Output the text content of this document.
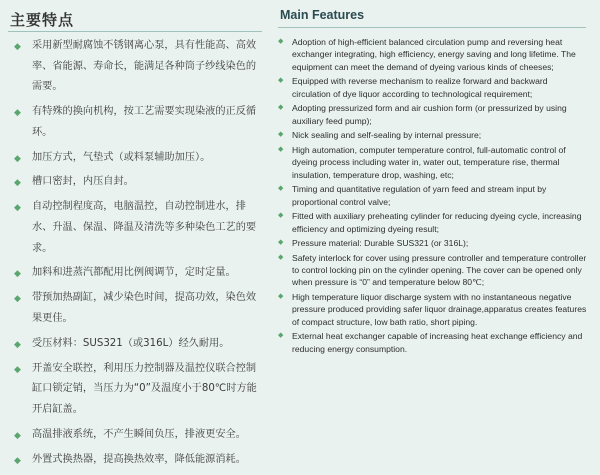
主要特点
◆ 采用新型耐腐蚀不锈钢离心泵，具有性能高、高效率、省能源、寿命长，能满足各种筒子纱线染色的需要。
◆ 有特殊的换向机构，按工艺需要实现染液的正反循环。
◆ 加压方式，气垫式（或料泵辅助加压）。
◆ 槽口密封，内压自封。
◆ 自动控制程度高，电脑温控，自动控制进水，排水、升温、保温、降温及清洗等多种染色工艺的要求。
◆ 加料和进蒸汽都配用比例阀调节，定时定量。
◆ 带预加热副缸，减少染色时间，提高功效，染色效果更佳。
◆ 受压材料：SUS321（或316L）经久耐用。
◆ 开盖安全联控，利用压力控制器及温控仪联合控制缸口锁定销，当压力为“0”及温度小于80℃时方能开启缸盖。
◆ 高温排液系统，不产生瞬间负压，排液更安全。
◆ 外置式换热器，提高换热效率，降低能源消耗。
Main Features
◆ Adoption of high-efficient balanced circulation pump and reversing heat exchanger integrating, high efficiency, energy saving and long lifetime. The equipment can meet the demand of dyeing various kinds of cheeses;
◆ Equipped with reverse mechanism to realize forward and backward circulation of dye liquor according to technological requirement;
◆ Adopting pressurized form and air cushion form (or pressurized by using auxiliary feed pump);
◆ Nick sealing and self-sealing by internal pressure;
◆ High automation, computer temperature control, full-automatic control of dyeing process including water in, water out, temperature rise, thermal insulation, temperature drop, washing, etc;
◆ Timing and quantitative regulation of yarn feed and stream input by proportional control valve;
◆ Fitted with auxiliary preheating cylinder for reducing dyeing cycle, increasing efficiency and optimizing dyeing result;
◆ Pressure material: Durable SUS321 (or 316L);
◆ Safety interlock for cover using pressure controller and temperature controller to control locking pin on the cylinder opening. The cover can be opened only when pressure is “0” and temperature below 80℃;
◆ High temperature liquor discharge system with no instantaneous negative pressure produced providing safer liquor drainage,apparatus creates features of compact structure, low bath ratio, short piping.
◆ External heat exchanger capable of increasing heat exchange efficiency and reducing energy consumption.
